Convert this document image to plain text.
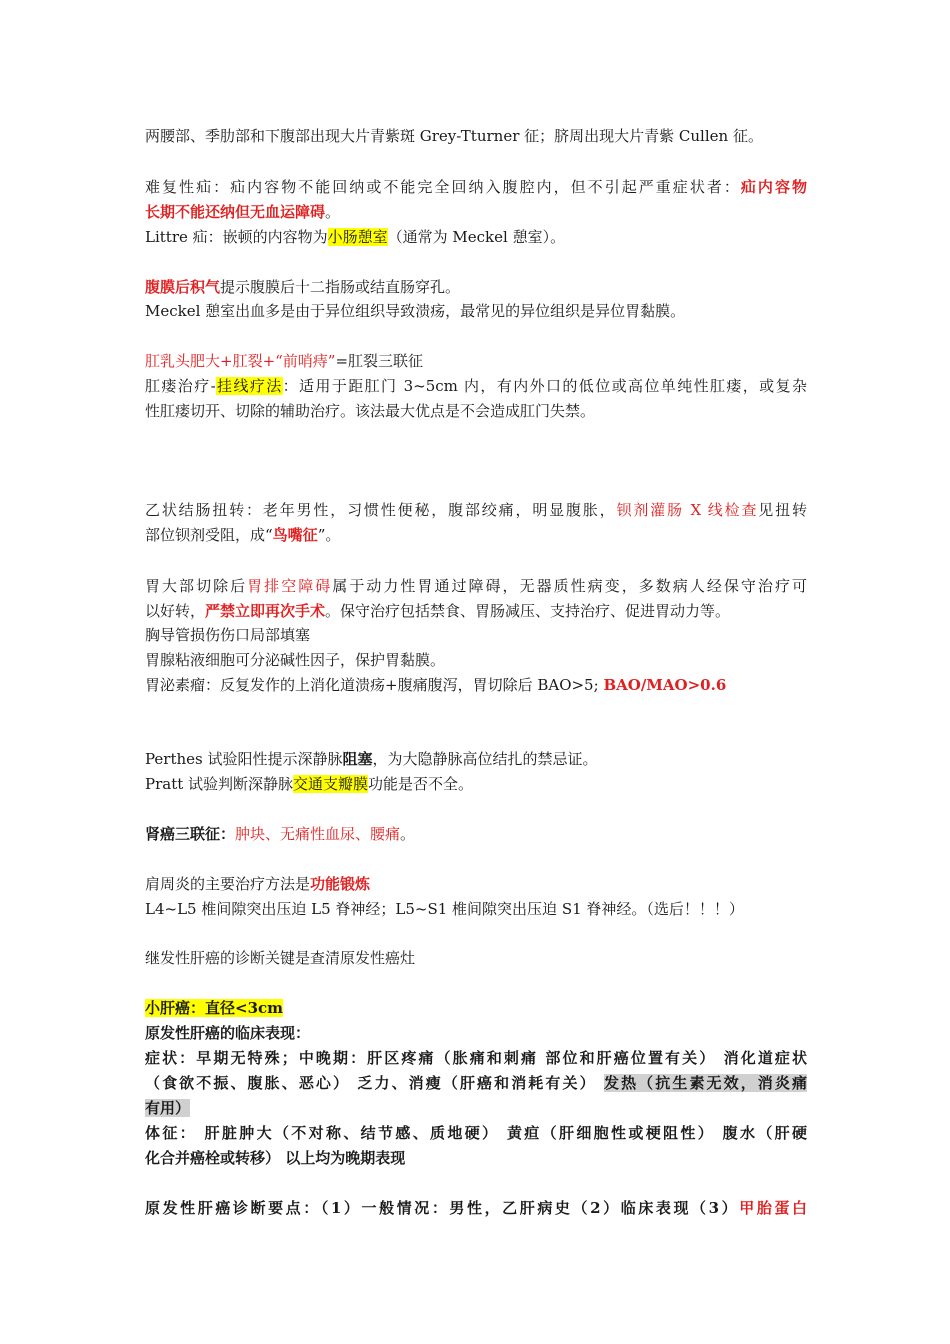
两腰部、季肋部和下腹部出现大片青紫斑 Grey-Tturner 征；脐周出现大片青紫 Cullen 征。
难复性疝：疝内容物不能回纳或不能完全回纳入腹腔内，但不引起严重症状者：疝内容物
长期不能还纳但无血运障碍。
Littre 疝：嵌顿的内容物为小肠憩室（通常为 Meckel 憩室）。
腹膜后积气提示腹膜后十二指肠或结直肠穿孔。
Meckel 憩室出血多是由于异位组织导致溃疡，最常见的异位组织是异位胃黏膜。
肛乳头肥大+肛裂+“前哨痔”=肛裂三联征
肛瘘治疗-挂线疗法：适用于距肛门 3~5cm 内，有内外口的低位或高位单纯性肛瘘，或复杂
性肛瘘切开、切除的辅助治疗。该法最大优点是不会造成肛门失禁。
乙状结肠扭转：老年男性，习惯性便秘，腹部绞痛，明显腹胀，钡剂灌肠 X 线检查见扭转
部位钡剂受阻，成“鸟嘴征”。
胃大部切除后胃排空障碍属于动力性胃通过障碍，无器质性病变，多数病人经保守治疗可
以好转，严禁立即再次手术。保守治疗包括禁食、胃肠减压、支持治疗、促进胃动力等。
胸导管损伤伤口局部填塞
胃腺粘液细胞可分泌碱性因子，保护胃黏膜。
胃泌素瘤：反复发作的上消化道溃疡+腹痛腹泻，胃切除后 BAO>5; BAO/MAO>0.6
Perthes 试验阳性提示深静脉阻塞，为大隐静脉高位结扎的禁忌证。
Pratt 试验判断深静脉交通支瓣膜功能是否不全。
肾癌三联征：肿块、无痛性血尿、腰痛。
肩周炎的主要治疗方法是功能锻炼
L4~L5 椎间隙突出压迫 L5 脊神经；L5~S1 椎间隙突出压迫 S1 脊神经。（选后！！！）
继发性肝癌的诊断关键是查清原发性癌灶
小肝癌：直径<3cm
原发性肝癌的临床表现：
症状：早期无特殊；中晚期：肝区疼痛（胀痛和刺痛 部位和肝癌位置有关） 消化道症状
（食欲不振、腹胀、恶心） 乏力、消瘦（肝癌和消耗有关） 发热（抗生素无效，消炎痛
有用）
体征： 肝脏肿大（不对称、结节感、质地硬） 黄疸（肝细胞性或梗阻性） 腹水（肝硬
化合并癌栓或转移） 以上均为晚期表现
原发性肝癌诊断要点：（1）一般情况：男性，乙肝病史（2）临床表现（3）甲胎蛋白
